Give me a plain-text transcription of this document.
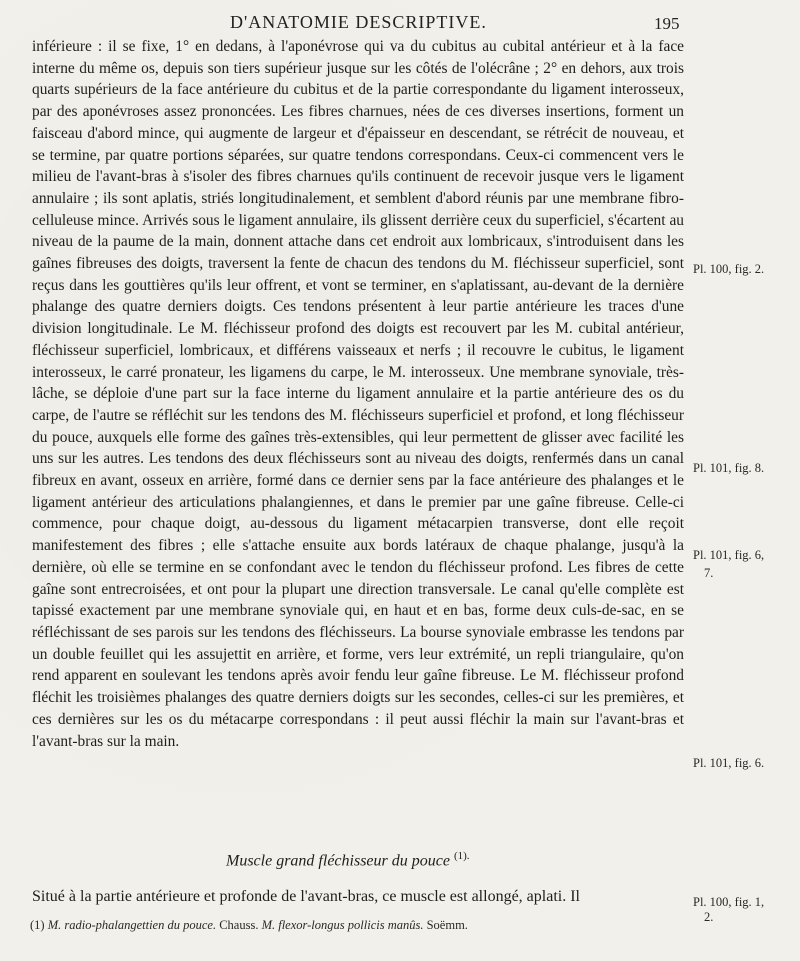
D'ANATOMIE DESCRIPTIVE.	195

inférieure : il se fixe, 1° en dedans, à l'aponévrose qui va du cubitus au cubital antérieur et à la face interne du même os, depuis son tiers supérieur jusque sur les côtés de l'olécrâne ; 2° en dehors, aux trois quarts supérieurs de la face antérieure du cubitus et de la partie correspondante du ligament interosseux, par des aponévroses assez prononcées. Les fibres charnues, nées de ces diverses insertions, forment un faisceau d'abord mince, qui augmente de largeur et d'épaisseur en descendant, se rétrécit de nouveau, et se termine, par quatre portions séparées, sur quatre tendons correspondans. Ceux-ci commencent vers le milieu de l'avant-bras à s'isoler des fibres charnues qu'ils continuent de recevoir jusque vers le ligament annulaire ; ils sont aplatis, striés longitudinalement, et semblent d'abord réunis par une membrane fibro-celluleuse mince. Arrivés sous le ligament annulaire, ils glissent derrière ceux du superficiel, s'écartent au niveau de la paume de la main, donnent attache dans cet endroit aux lombricaux, s'introduisent dans les gaînes fibreuses des doigts, traversent la fente de chacun des tendons du M. fléchisseur superficiel, sont reçus dans les gouttières qu'ils leur offrent, et vont se terminer, en s'aplatissant, au-devant de la dernière phalange des quatre derniers doigts. Ces tendons présentent à leur partie antérieure les traces d'une division longitudinale. Le M. fléchisseur profond des doigts est recouvert par les M. cubital antérieur, fléchisseur superficiel, lombricaux, et différens vaisseaux et nerfs ; il recouvre le cubitus, le ligament interosseux, le carré pronateur, les ligamens du carpe, le M. interosseux. Une membrane synoviale, très-lâche, se déploie d'une part sur la face interne du ligament annulaire et la partie antérieure des os du carpe, de l'autre se réfléchit sur les tendons des M. fléchisseurs superficiel et profond, et long fléchisseur du pouce, auxquels elle forme des gaînes très-extensibles, qui leur permettent de glisser avec facilité les uns sur les autres. Les tendons des deux fléchisseurs sont au niveau des doigts, renfermés dans un canal fibreux en avant, osseux en arrière, formé dans ce dernier sens par la face antérieure des phalanges et le ligament antérieur des articulations phalangiennes, et dans le premier par une gaîne fibreuse. Celle-ci commence, pour chaque doigt, au-dessous du ligament métacarpien transverse, dont elle reçoit manifestement des fibres ; elle s'attache ensuite aux bords latéraux de chaque phalange, jusqu'à la dernière, où elle se termine en se confondant avec le tendon du fléchisseur profond. Les fibres de cette gaîne sont entrecroisées, et ont pour la plupart une direction transversale. Le canal qu'elle complète est tapissé exactement par une membrane synoviale qui, en haut et en bas, forme deux culs-de-sac, en se réfléchissant de ses parois sur les tendons des fléchisseurs. La bourse synoviale embrasse les tendons par un double feuillet qui les assujettit en arrière, et forme, vers leur extrémité, un repli triangulaire, qu'on rend apparent en soulevant les tendons après avoir fendu leur gaîne fibreuse. Le M. fléchisseur profond fléchit les troisièmes phalanges des quatre derniers doigts sur les secondes, celles-ci sur les premières, et ces dernières sur les os du métacarpe correspondans : il peut aussi fléchir la main sur l'avant-bras et l'avant-bras sur la main.

Pl. 100, fig. 2.
Pl. 101, fig. 8.
Pl. 101, fig. 6,
7.
Pl. 101, fig. 6.
Pl. 100, fig. 1,
2.
Muscle grand fléchisseur du pouce $^{(1).}$
Situé à la partie antérieure et profonde de l'avant-bras, ce muscle est allongé, aplati. Il
(1) M. radio-phalangettien du pouce. Chauss. M. flexor-longus pollicis manûs. Soëmm.
